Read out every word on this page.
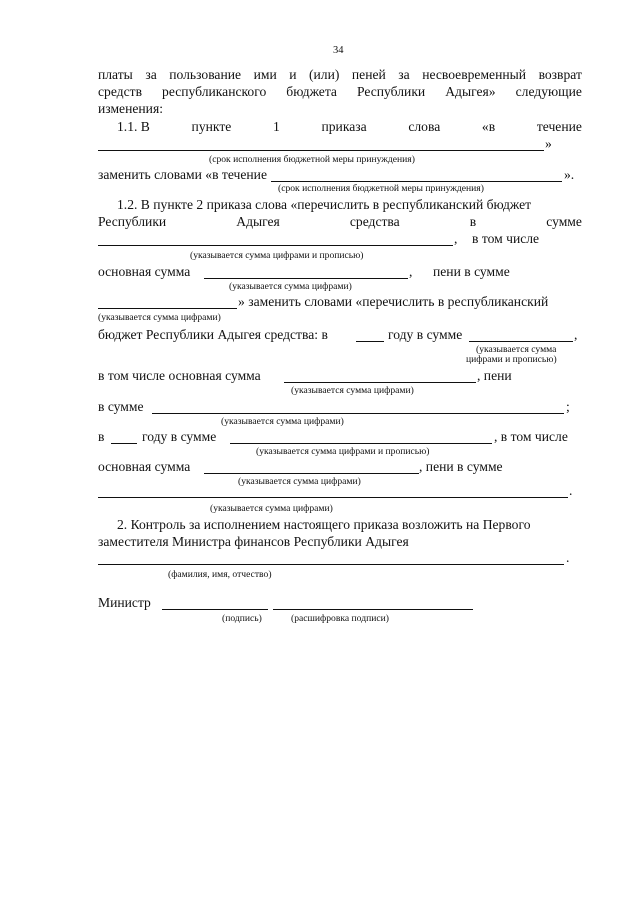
34
платы за пользование ими и (или) пеней за несвоевременный возврат
средств республиканского бюджета Республики Адыгея» следующие
изменения:
1.1. В	пункте	1	приказа	слова	«в	течение
»
(срок исполнения бюджетной меры принуждения)
заменить словами «в течение	».
(срок исполнения бюджетной меры принуждения)
1.2. В пункте 2 приказа слова «перечислить в республиканский бюджет
Республики	Адыгея	средства	в	сумме
, в том числе
(указывается сумма цифрами и прописью)
основная сумма	, пени в сумме
(указывается сумма цифрами)
» заменить словами «перечислить в республиканский
(указывается сумма цифрами)
бюджет Республики Адыгея средства: в	году в сумме	,
(указывается сумма
цифрами и прописью)
в том числе основная сумма	, пени
(указывается сумма цифрами)
в сумме	;
(указывается сумма цифрами)
в	году в сумме	, в том числе
(указывается сумма цифрами и прописью)
основная сумма	, пени в сумме
(указывается сумма цифрами)
.
(указывается сумма цифрами)
2. Контроль за исполнением настоящего приказа возложить на Первого
заместителя Министра финансов Республики Адыгея
.
(фамилия, имя, отчество)
Министр
(подпись)	(расшифровка подписи)
